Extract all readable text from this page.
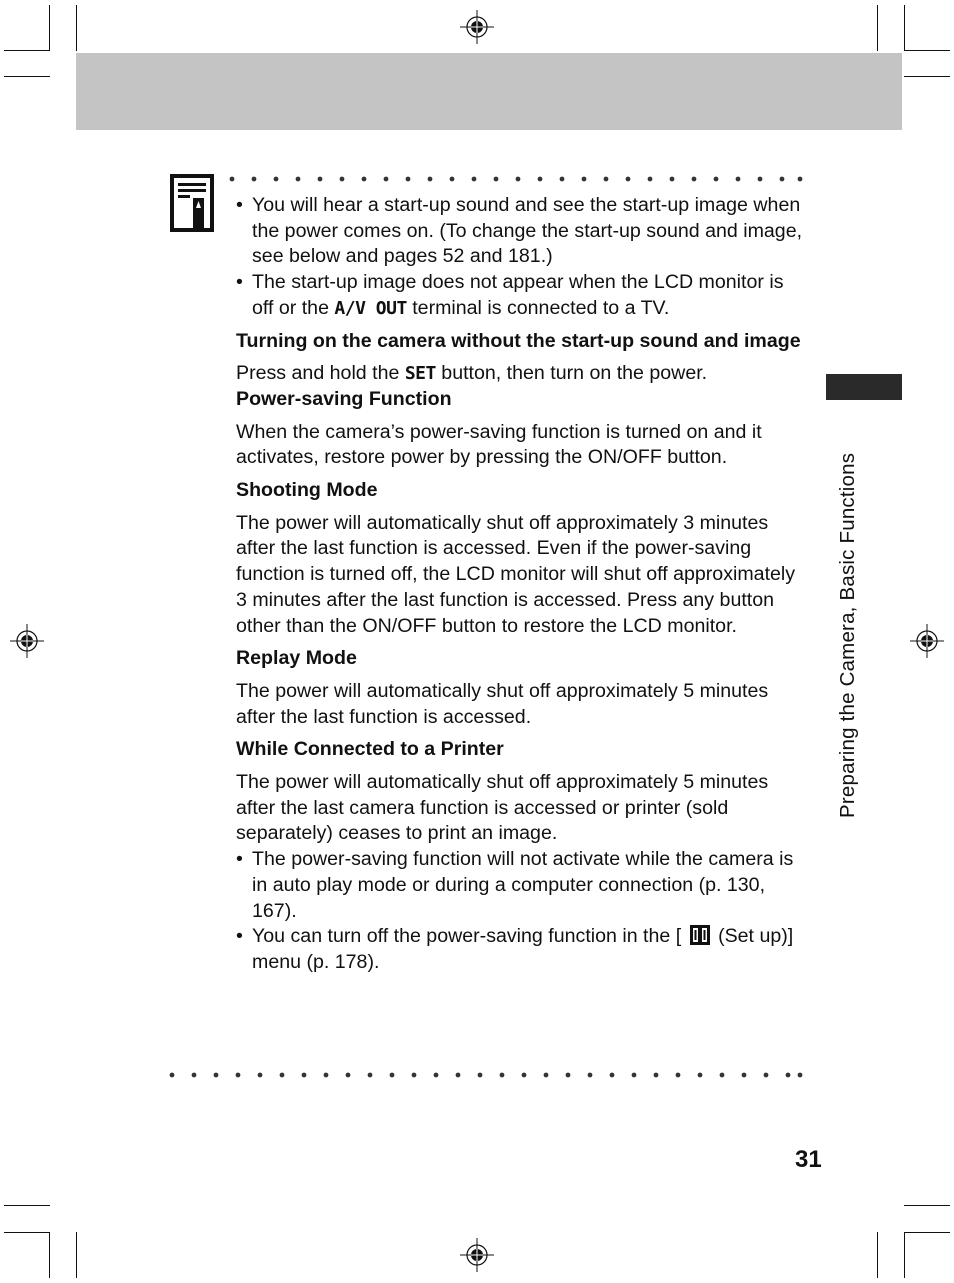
• You will hear a start-up sound and see the start-up image when the power comes on. (To change the start-up sound and image, see below and pages 52 and 181.)

• The start-up image does not appear when the LCD monitor is off or the A/V OUT terminal is connected to a TV.

Turning on the camera without the start-up sound and image

Press and hold the SET button, then turn on the power.

Power-saving Function

When the camera’s power-saving function is turned on and it activates, restore power by pressing the ON/OFF button.

Shooting Mode

The power will automatically shut off approximately 3 minutes after the last function is accessed. Even if the power-saving function is turned off, the LCD monitor will shut off approximately 3 minutes after the last function is accessed. Press any button other than the ON/OFF button to restore the LCD monitor.

Replay Mode

The power will automatically shut off approximately 5 minutes after the last function is accessed.

While Connected to a Printer

The power will automatically shut off approximately 5 minutes after the last camera function is accessed or printer (sold separately) ceases to print an image.

• The power-saving function will not activate while the camera is in auto play mode or during a computer connection (p. 130, 167).

• You can turn off the power-saving function in the [  (Set up)] menu (p. 178).

Preparing the Camera, Basic Functions
31
